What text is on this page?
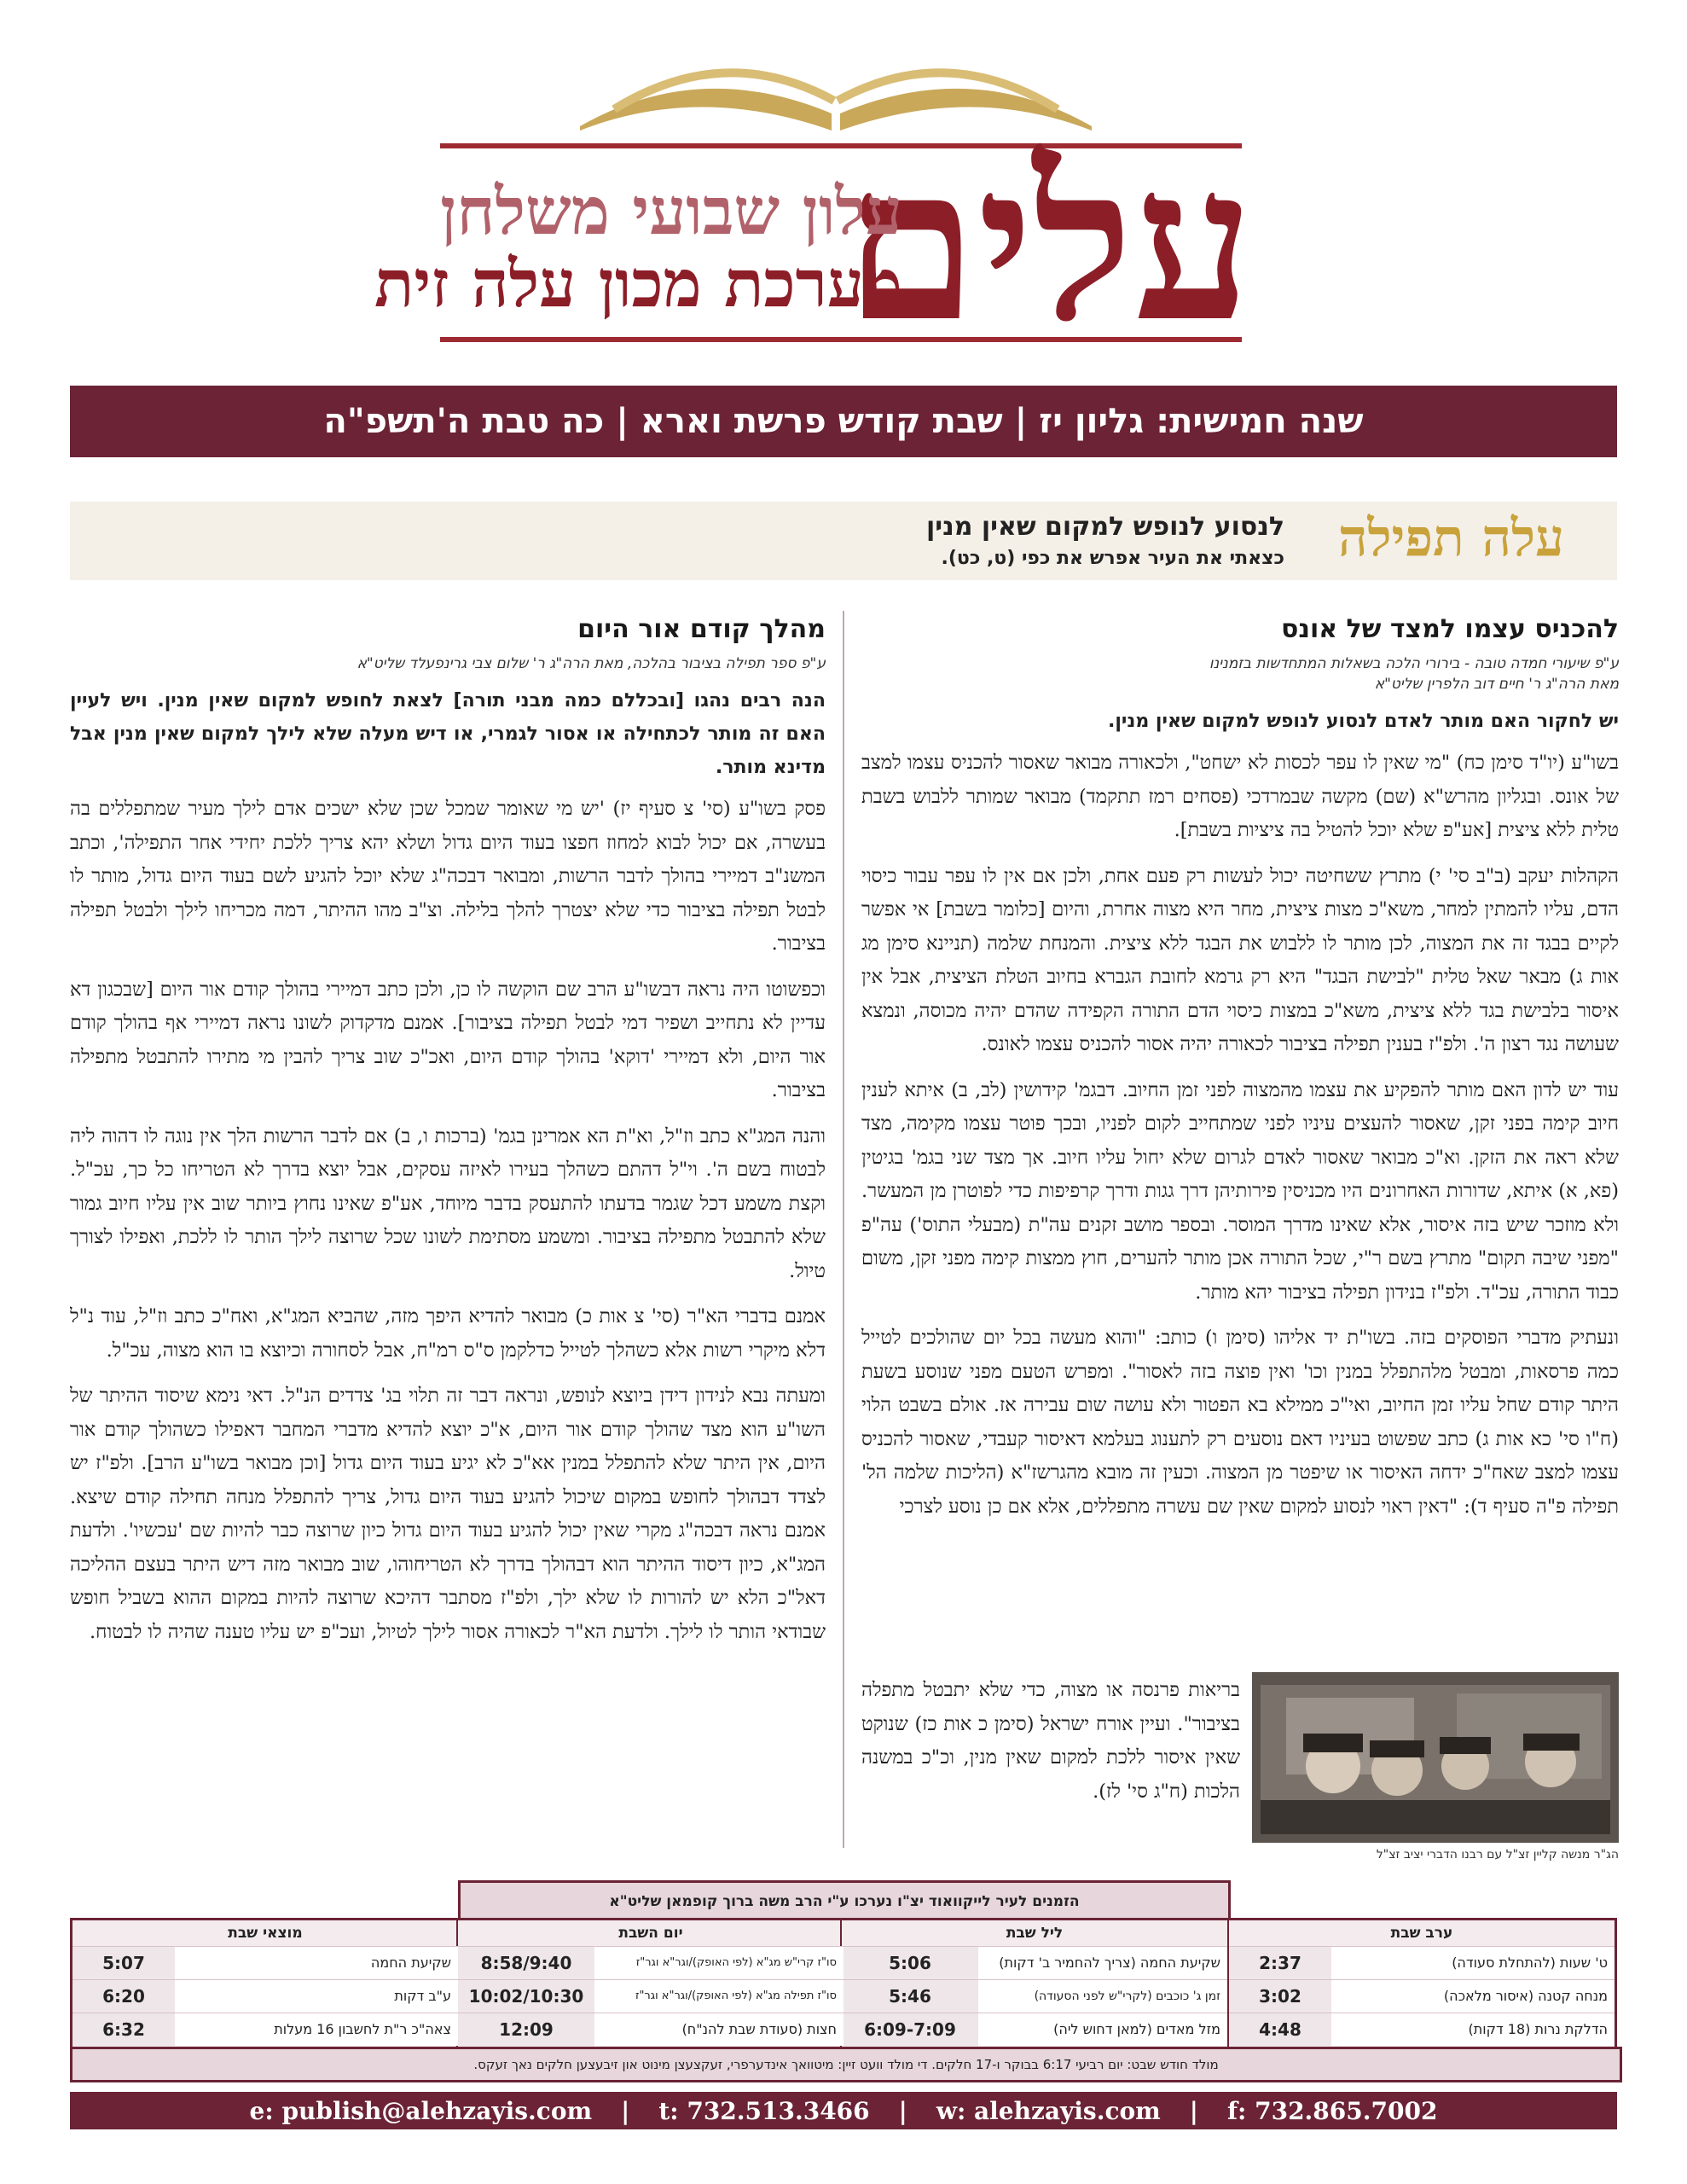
עלים
עלון שבועי משלחן
מערכת מכון עלה זית
שנה חמישית: גליון יז | שבת קודש פרשת וארא | כה טבת ה'תשפ"ה
עלה תפילה
לנסוע לנופש למקום שאין מנין
כצאתי את העיר אפרש את כפי (ט, כט).
להכניס עצמו למצד של אונס
ע"פ שיעורי חמדה טובה - בירורי הלכה בשאלות המתחדשות בזמנינו
מאת הרה"ג ר' חיים דוב הלפרין שליט"א
יש לחקור האם מותר לאדם לנסוע לנופש למקום שאין מנין.

בשו"ע (יו"ד סימן כח) "מי שאין לו עפר לכסות לא ישחט", ולכאורה מבואר שאסור להכניס עצמו למצב של אונס. ובגליון מהרש"א (שם) מקשה שבמרדכי (פסחים רמז תתקמד) מבואר שמותר ללבוש בשבת טלית ללא ציצית [אע"פ שלא יוכל להטיל בה ציציות בשבת].

הקהלות יעקב (ב"ב סי' י) מתרץ ששחיטה יכול לעשות רק פעם אחת, ולכן אם אין לו עפר עבור כיסוי הדם, עליו להמתין למחר, משא"כ מצות ציצית, מחר היא מצוה אחרת, והיום [כלומר בשבת] אי אפשר לקיים בבגד זה את המצוה, לכן מותר לו ללבוש את הבגד ללא ציצית. והמנחת שלמה (תניינא סימן מג אות ג) מבאר שאל טלית "לבישת הבגד" היא רק גרמא לחובת הגברא בחיוב הטלת הציצית, אבל אין איסור בלבישת בגד ללא ציצית, משא"כ במצות כיסוי הדם התורה הקפידה שהדם יהיה מכוסה, ונמצא שעושה נגד רצון ה'. ולפ"ז בענין תפילה בציבור לכאורה יהיה אסור להכניס עצמו לאונס.

עוד יש לדון האם מותר להפקיע את עצמו מהמצוה לפני זמן החיוב. דבגמ' קידושין (לב, ב) איתא לענין חיוב קימה בפני זקן, שאסור להעצים עיניו לפני שמתחייב לקום לפניו, ובכך פוטר עצמו מקימה, מצד שלא ראה את הזקן. וא"כ מבואר שאסור לאדם לגרום שלא יחול עליו חיוב. אך מצד שני בגמ' בגיטין (פא, א) איתא, שדורות האחרונים היו מכניסין פירותיהן דרך גגות ודרך קרפיפות כדי לפוטרן מן המעשר. ולא מוזכר שיש בזה איסור, אלא שאינו מדרך המוסר. ובספר מושב זקנים עה"ת (מבעלי התוס') עה"פ "מפני שיבה תקום" מתרץ בשם ר"י, שכל התורה אכן מותר להערים, חוץ ממצות קימה מפני זקן, משום כבוד התורה, עכ"ד. ולפ"ז בנידון תפילה בציבור יהא מותר.

ונעתיק מדברי הפוסקים בזה. בשו"ת יד אליהו (סימן ו) כותב: "והוא מעשה בכל יום שהולכים לטייל כמה פרסאות, ומבטל מלהתפלל במנין וכו' ואין פוצה בזה לאסור". ומפרש הטעם מפני שנוסע בשעת היתר קודם שחל עליו זמן החיוב, ואי"כ ממילא בא הפטור ולא עושה שום עבירה אז. אולם בשבט הלוי (ח"ו סי' כא אות ג) כתב שפשוט בעיניו דאם נוסעים רק לתענוג בעלמא דאיסור קעבדי, שאסור להכניס עצמו למצב שאח"כ ידחה האיסור או שיפטר מן המצוה. וכעין זה מובא מהגרשז"א (הליכות שלמה הל' תפילה פ"ה סעיף ד): "דאין ראוי לנסוע למקום שאין שם עשרה מתפללים, אלא אם כן נוסע לצרכי

בריאות פרנסה או מצוה, כדי שלא יתבטל מתפלה בציבור". ועיין אורח ישראל (סימן כ אות כז) שנוקט שאין איסור ללכת למקום שאין מנין, וכ"כ במשנה הלכות (ח"ג סי' לז).

הג"ר מנשה קליין זצ"ל עם רבנו הדברי יציב זצ"ל
מהלך קודם אור היום
ע"פ ספר תפילה בציבור בהלכה, מאת הרה"ג ר' שלום צבי גרינפעלד שליט"א
הנה רבים נהגו [ובכללם כמה מבני תורה] לצאת לחופש למקום שאין מנין. ויש לעיין האם זה מותר לכתחילה או אסור לגמרי, או דיש מעלה שלא לילך למקום שאין מנין אבל מדינא מותר.

פסק בשו"ע (סי' צ סעיף יז) 'יש מי שאומר שמכל שכן שלא ישכים אדם לילך מעיר שמתפללים בה בעשרה, אם יכול לבוא למחוז חפצו בעוד היום גדול ושלא יהא צריך ללכת יחידי אחר התפילה', וכתב המשנ"ב דמיירי בהולך לדבר הרשות, ומבואר דבכה"ג שלא יוכל להגיע לשם בעוד היום גדול, מותר לו לבטל תפילה בציבור כדי שלא יצטרך להלך בלילה. וצ"ב מהו ההיתר, דמה מכריחו לילך ולבטל תפילה בציבור.

וכפשוטו היה נראה דבשו"ע הרב שם הוקשה לו כן, ולכן כתב דמיירי בהולך קודם אור היום [שבכגון דא עדיין לא נתחייב ושפיר דמי לבטל תפילה בציבור]. אמנם מדקדוק לשונו נראה דמיירי אף בהולך קודם אור היום, ולא דמיירי 'דוקא' בהולך קודם היום, ואכ"כ שוב צריך להבין מי מתירו להתבטל מתפילה בציבור.

והנה המג"א כתב וז"ל, וא"ת הא אמרינן בגמ' (ברכות ו, ב) אם לדבר הרשות הלך אין נוגה לו דהוה ליה לבטוח בשם ה'. וי"ל דהתם כשהלך בעירו לאיזה עסקים, אבל יוצא בדרך לא הטריחו כל כך, עכ"ל. וקצת משמע דכל שגמר בדעתו להתעסק בדבר מיוחד, אע"פ שאינו נחוץ ביותר שוב אין עליו חיוב גמור שלא להתבטל מתפילה בציבור. ומשמע מסתימת לשונו שכל שרוצה לילך הותר לו ללכת, ואפילו לצורך טיול.

אמנם בדברי הא"ר (סי' צ אות כ) מבואר להדיא היפך מזה, שהביא המג"א, ואח"כ כתב וז"ל, עוד נ"ל דלא מיקרי רשות אלא כשהלך לטייל כדלקמן ס"ס רמ"ח, אבל לסחורה וכיוצא בו הוא מצוה, עכ"ל.

ומעתה נבא לנידון דידן ביוצא לנופש, ונראה דבר זה תלוי בג' צדדים הנ"ל. דאי נימא שיסוד ההיתר של השו"ע הוא מצד שהולך קודם אור היום, א"כ יוצא להדיא מדברי המחבר דאפילו כשהולך קודם אור היום, אין היתר שלא להתפלל במנין אא"כ לא יגיע בעוד היום גדול [וכן מבואר בשו"ע הרב]. ולפ"ז יש לצדד דבהולך לחופש במקום שיכול להגיע בעוד היום גדול, צריך להתפלל מנחה תחילה קודם שיצא. אמנם נראה דבכה"ג מקרי שאין יכול להגיע בעוד היום גדול כיון שרוצה כבר להיות שם 'עכשיו'. ולדעת המג"א, כיון דיסוד ההיתר הוא דבהולך בדרך לא הטריחוהו, שוב מבואר מזה דיש היתר בעצם ההליכה דאל"כ הלא יש להורות לו שלא ילך, ולפ"ז מסתבר דהיכא שרוצה להיות במקום ההוא בשביל חופש שבודאי הותר לו לילך. ולדעת הא"ר לכאורה אסור לילך לטיול, ועכ"פ יש עליו טענה שהיה לו לבטוח.

הזמנים לעיר לייקוואוד יצ"ו נערכו ע"י הרב משה ברוך קופמאן שליט"א
ערב שבת
ט' שעות (להתחלת סעודה)
2:37
מנחה קטנה (איסור מלאכה)
3:02
הדלקת נרות (18 דקות)
4:48
ליל שבת
שקיעת החמה (צריך להחמיר ב' דקות)
5:06
זמן ג' כוכבים (לקרי"ש לפני הסעודה)
5:46
מזל מאדים (למאן דחוש ליה)
6:09-7:09
יום השבת
סו"ז קרי"ש מג"א (לפי האופק)/וגר"א וגר"ז
8:58/9:40
סו"ז תפילה מג"א (לפי האופק)/וגר"א וגר"ז
10:02/10:30
חצות (סעודת שבת להנ"ח)
12:09
מוצאי שבת
שקיעת החמה
5:07
ע"ב דקות
6:20
צאה"כ ר"ת לחשבון 16 מעלות
6:32
מולד חודש שבט: יום רביעי 6:17 בבוקר ו-17 חלקים. די מולד וועט זיין: מיטוואך אינדערפרי, זעקצעצן מינוט און זיבעצען חלקים נאך זעקס.
e: publish@alehzayis.com | t: 732.513.3466 | w: alehzayis.com | f: 732.865.7002
